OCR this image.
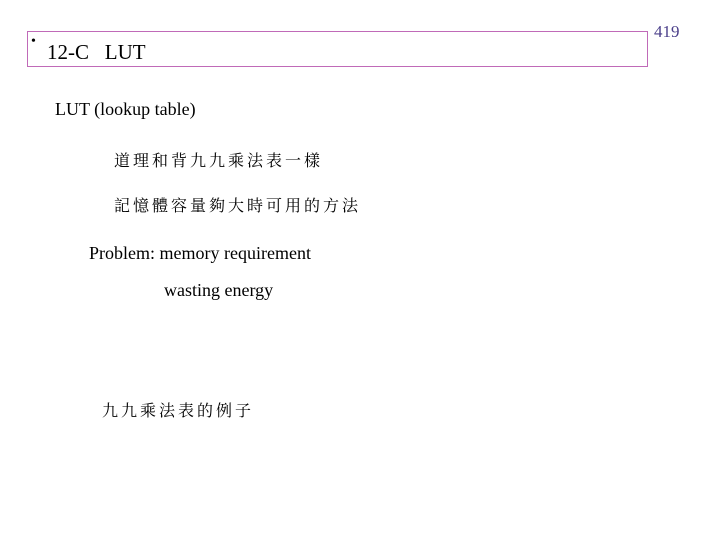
419
• 12-C   LUT
LUT (lookup table)
道理和背九九乘法表一樣
記憶體容量夠大時可用的方法
Problem: memory requirement
wasting energy
九九乘法表的例子
